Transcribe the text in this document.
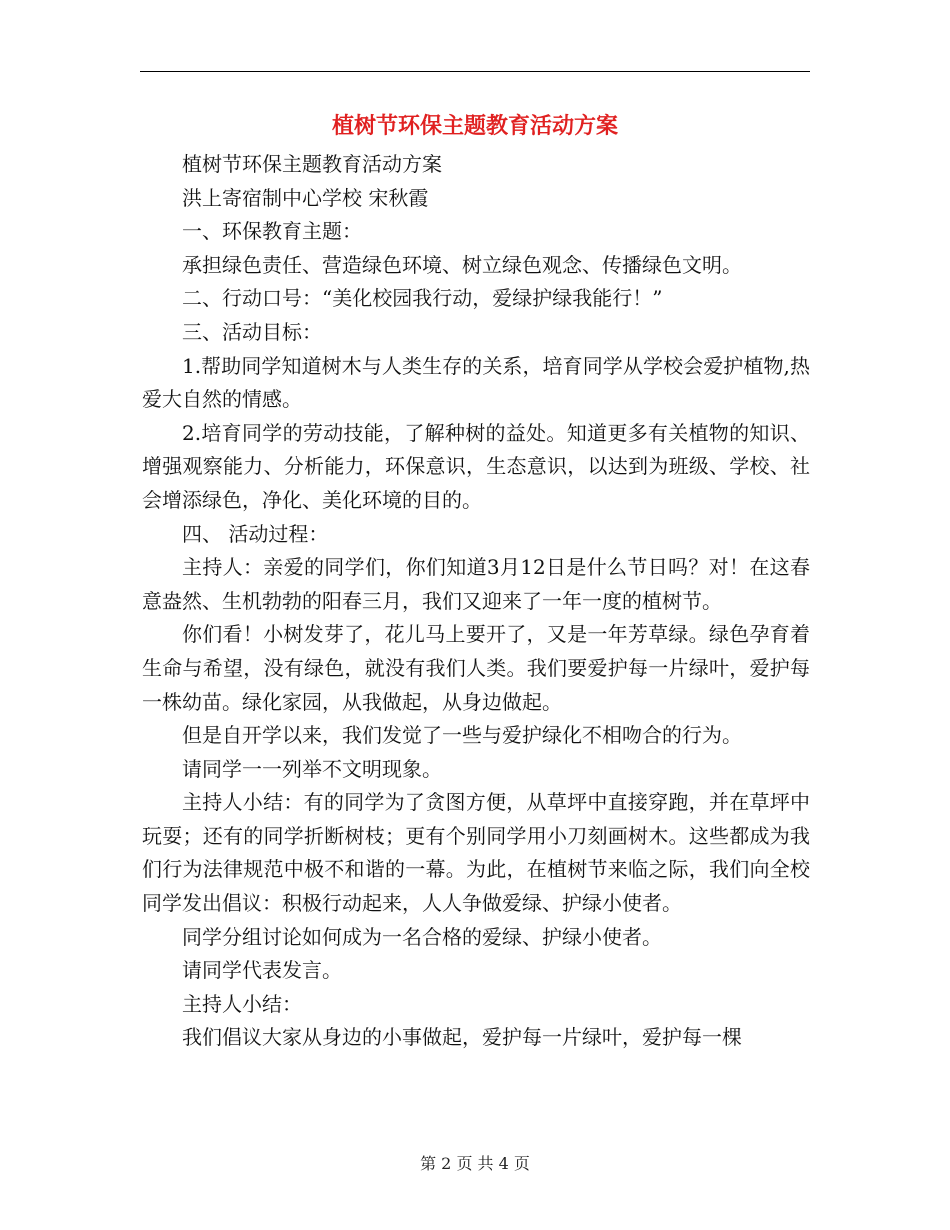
植树节环保主题教育活动方案

植树节环保主题教育活动方案

洪上寄宿制中心学校 宋秋霞

一、环保教育主题：

承担绿色责任、营造绿色环境、树立绿色观念、传播绿色文明。

二、行动口号：“美化校园我行动，爱绿护绿我能行！”

三、活动目标：

1.帮助同学知道树木与人类生存的关系，培育同学从学校会爱护植物,热爱大自然的情感。

2.培育同学的劳动技能，了解种树的益处。知道更多有关植物的知识、增强观察能力、分析能力，环保意识，生态意识，以达到为班级、学校、社会增添绿色，净化、美化环境的目的。

四、 活动过程：

主持人：亲爱的同学们，你们知道3月12日是什么节日吗？对！在这春意盎然、生机勃勃的阳春三月，我们又迎来了一年一度的植树节。

你们看！小树发芽了，花儿马上要开了，又是一年芳草绿。绿色孕育着生命与希望，没有绿色，就没有我们人类。我们要爱护每一片绿叶，爱护每一株幼苗。绿化家园，从我做起，从身边做起。

但是自开学以来，我们发觉了一些与爱护绿化不相吻合的行为。

请同学一一列举不文明现象。

主持人小结：有的同学为了贪图方便，从草坪中直接穿跑，并在草坪中玩耍；还有的同学折断树枝；更有个别同学用小刀刻画树木。这些都成为我们行为法律规范中极不和谐的一幕。为此，在植树节来临之际，我们向全校同学发出倡议：积极行动起来，人人争做爱绿、护绿小使者。

同学分组讨论如何成为一名合格的爱绿、护绿小使者。

请同学代表发言。

主持人小结：

我们倡议大家从身边的小事做起，爱护每一片绿叶，爱护每一棵

第 2 页 共 4 页
